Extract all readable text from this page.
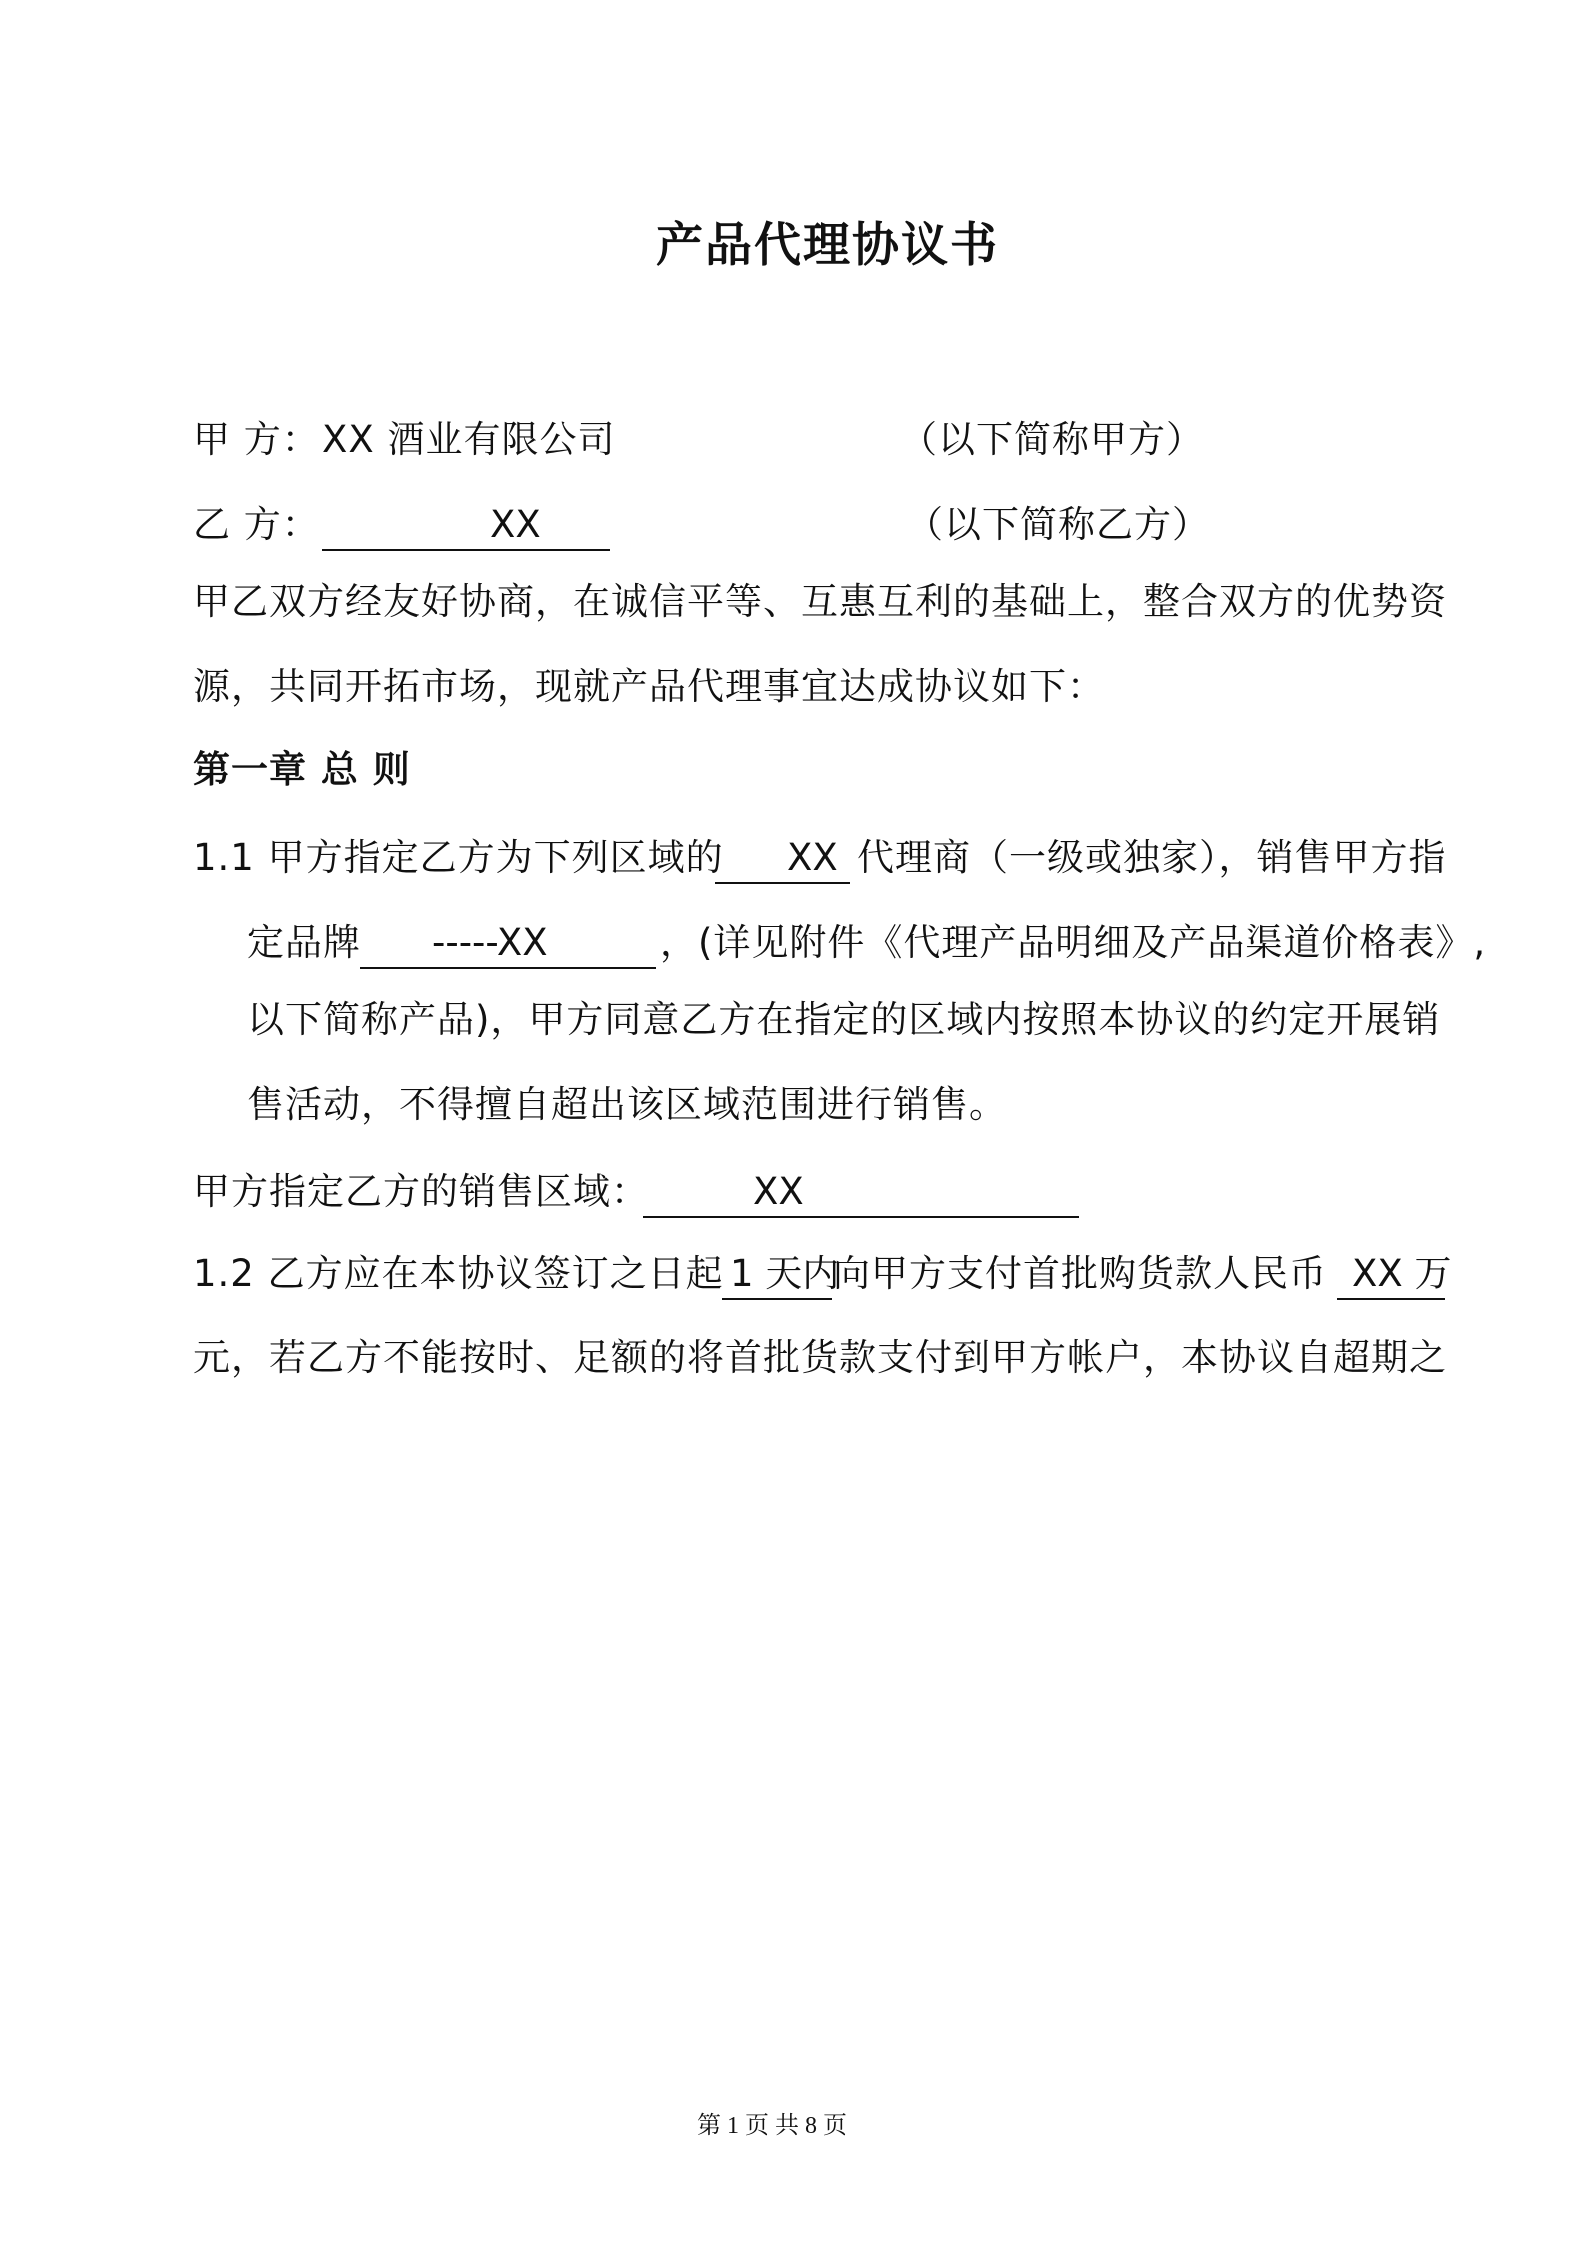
产品代理协议书
甲 方： XX 酒业有限公司	（以下简称甲方）
乙 方：	XX	（以下简称乙方）
甲乙双方经友好协商，在诚信平等、互惠互利的基础上，整合双方的优势资
源，共同开拓市场，现就产品代理事宜达成协议如下：
第一章 总 则
1.1 甲方指定乙方为下列区域的 XX 代理商（一级或独家），销售甲方指
定品牌 -----XX	，(详见附件《代理产品明细及产品渠道价格表》,
以下简称产品)，甲方同意乙方在指定的区域内按照本协议的约定开展销
售活动，不得擅自超出该区域范围进行销售。
甲方指定乙方的销售区域：	XX
1.2 乙方应在本协议签订之日起 1 天内
向甲方支付首批购货款人民币 XX 万
元，若乙方不能按时、足额的将首批货款支付到甲方帐户，本协议自超期之
第 1 页 共 8 页
